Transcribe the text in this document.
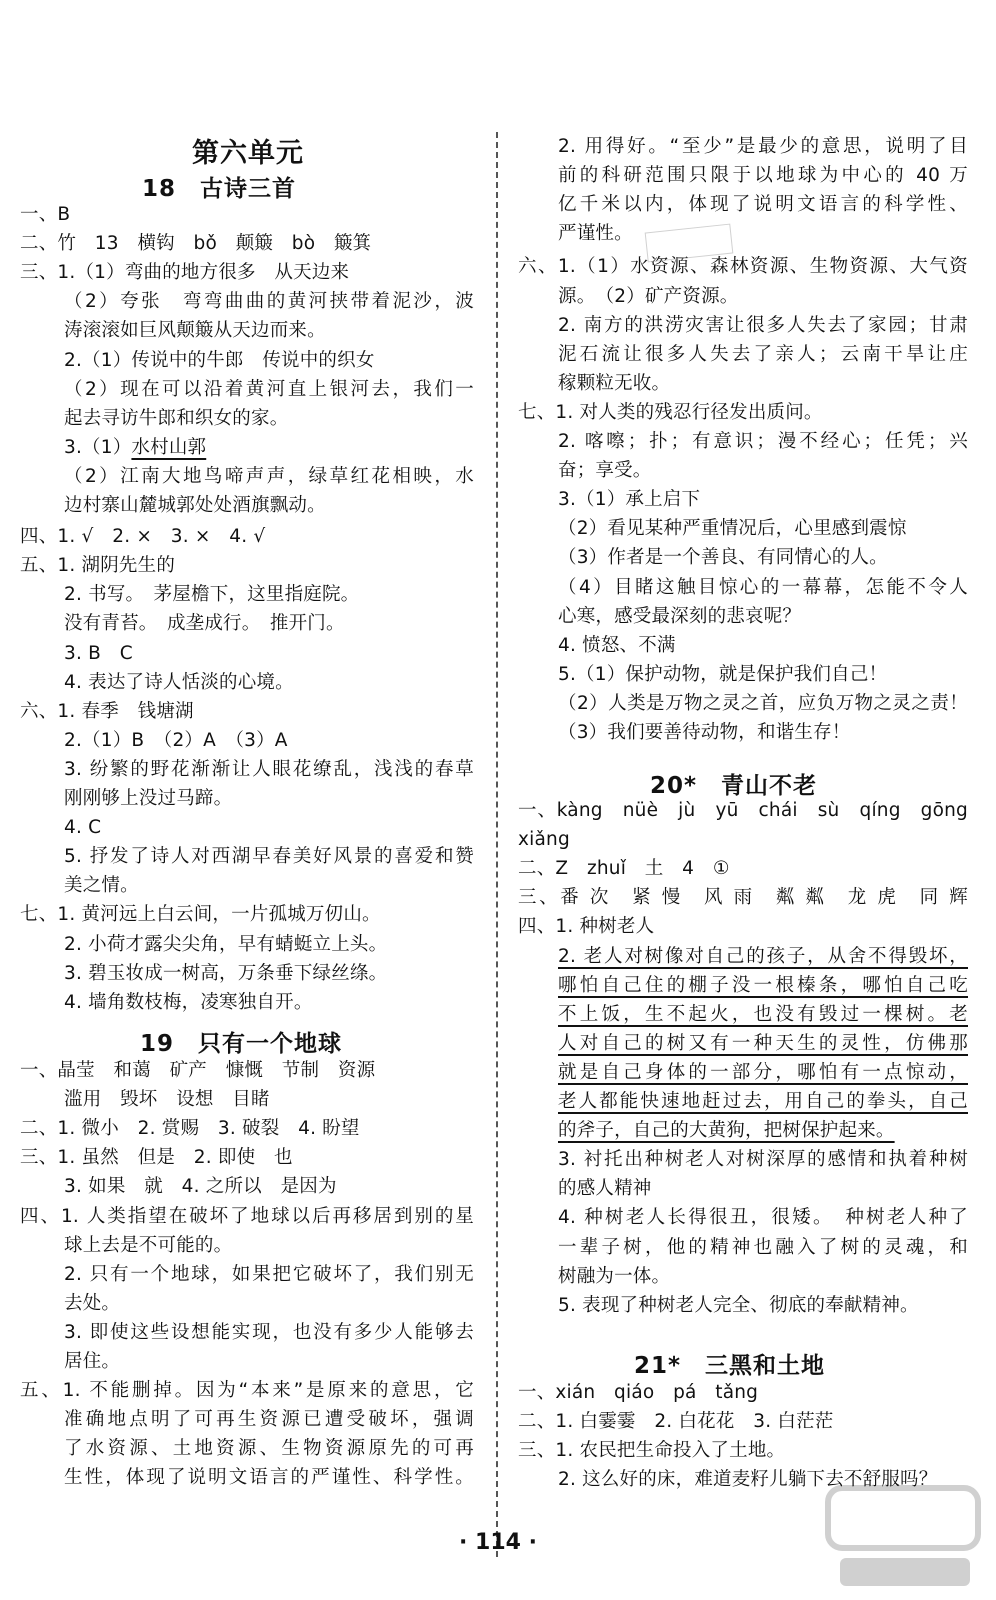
第六单元
18　古诗三首
一、B
二、竹　13　横钩　bǒ　颠簸　bò　簸箕
三、1.（1）弯曲的地方很多　从天边来
（2）夸张　弯弯曲曲的黄河挟带着泥沙，波
涛滚滚如巨风颠簸从天边而来。
2.（1）传说中的牛郎　传说中的织女
（2）现在可以沿着黄河直上银河去，我们一
起去寻访牛郎和织女的家。
3.（1）水村山郭
（2）江南大地鸟啼声声，绿草红花相映，水
边村寨山麓城郭处处酒旗飘动。
四、1. √　2. ×　3. ×　4. √
五、1. 湖阴先生的
2. 书写。　茅屋檐下，这里指庭院。
没有青苔。　成垄成行。　推开门。
3. B　C
4. 表达了诗人恬淡的心境。
六、1. 春季　钱塘湖
2.（1）B　（2）A　（3）A
3. 纷繁的野花渐渐让人眼花缭乱，浅浅的春草
刚刚够上没过马蹄。
4. C
5. 抒发了诗人对西湖早春美好风景的喜爱和赞
美之情。
七、1. 黄河远上白云间，一片孤城万仞山。
2. 小荷才露尖尖角，早有蜻蜓立上头。
3. 碧玉妆成一树高，万条垂下绿丝绦。
4. 墙角数枝梅，凌寒独自开。
19　只有一个地球
一、晶莹　和蔼　矿产　慷慨　节制　资源
滥用　毁坏　设想　目睹
二、1. 微小　2. 赏赐　3. 破裂　4. 盼望
三、1. 虽然　但是　2. 即使　也
3. 如果　就　4. 之所以　是因为
四、1. 人类指望在破坏了地球以后再移居到别的星
球上去是不可能的。
2. 只有一个地球，如果把它破坏了，我们别无
去处。
3. 即使这些设想能实现，也没有多少人能够去
居住。
五、1. 不能删掉。因为“本来”是原来的意思，它
准确地点明了可再生资源已遭受破坏，强调
了水资源、土地资源、生物资源原先的可再
生性，体现了说明文语言的严谨性、科学性。
2. 用得好。“至少”是最少的意思，说明了目
前的科研范围只限于以地球为中心的 40 万
亿千米以内，体现了说明文语言的科学性、
严谨性。
六、1.（1）水资源、森林资源、生物资源、大气资
源。　（2）矿产资源。
2. 南方的洪涝灾害让很多人失去了家园；甘肃
泥石流让很多人失去了亲人；云南干旱让庄
稼颗粒无收。
七、1. 对人类的残忍行径发出质问。
2. 喀嚓；扑；有意识；漫不经心；任凭；兴
奋；享受。
3.（1）承上启下
（2）看见某种严重情况后，心里感到震惊
（3）作者是一个善良、有同情心的人。
（4）目睹这触目惊心的一幕幕，怎能不令人
心寒，感受最深刻的悲哀呢？
4. 愤怒、不满
5.（1）保护动物，就是保护我们自己！
（2）人类是万物之灵之首，应负万物之灵之责！
（3）我们要善待动物，和谐生存！
20*　青山不老
一、kàng　nüè　jù　yū　chái　sù　qíng　gōng
xiǎng
二、Z　zhuǐ　土　4　①
三、番 次　紧 慢　风 雨　粼 粼　龙 虎　同 辉
四、1. 种树老人
2. 老人对树像对自己的孩子，从舍不得毁坏，
哪怕自己住的棚子没一根榛条，哪怕自己吃
不上饭，生不起火，也没有毁过一棵树。老
人对自己的树又有一种天生的灵性，仿佛那
就是自己身体的一部分，哪怕有一点惊动，
老人都能快速地赶过去，用自己的拳头，自己
的斧子，自己的大黄狗，把树保护起来。
3. 衬托出种树老人对树深厚的感情和执着种树
的感人精神
4. 种树老人长得很丑，很矮。　种树老人种了
一辈子树，他的精神也融入了树的灵魂，和
树融为一体。
5. 表现了种树老人完全、彻底的奉献精神。
21*　三黑和土地
一、xián　qiáo　pá　tǎng
二、1. 白霎霎　2. 白花花　3. 白茫茫
三、1. 农民把生命投入了土地。
2. 这么好的床，难道麦籽儿躺下去不舒服吗？
· 114 ·
